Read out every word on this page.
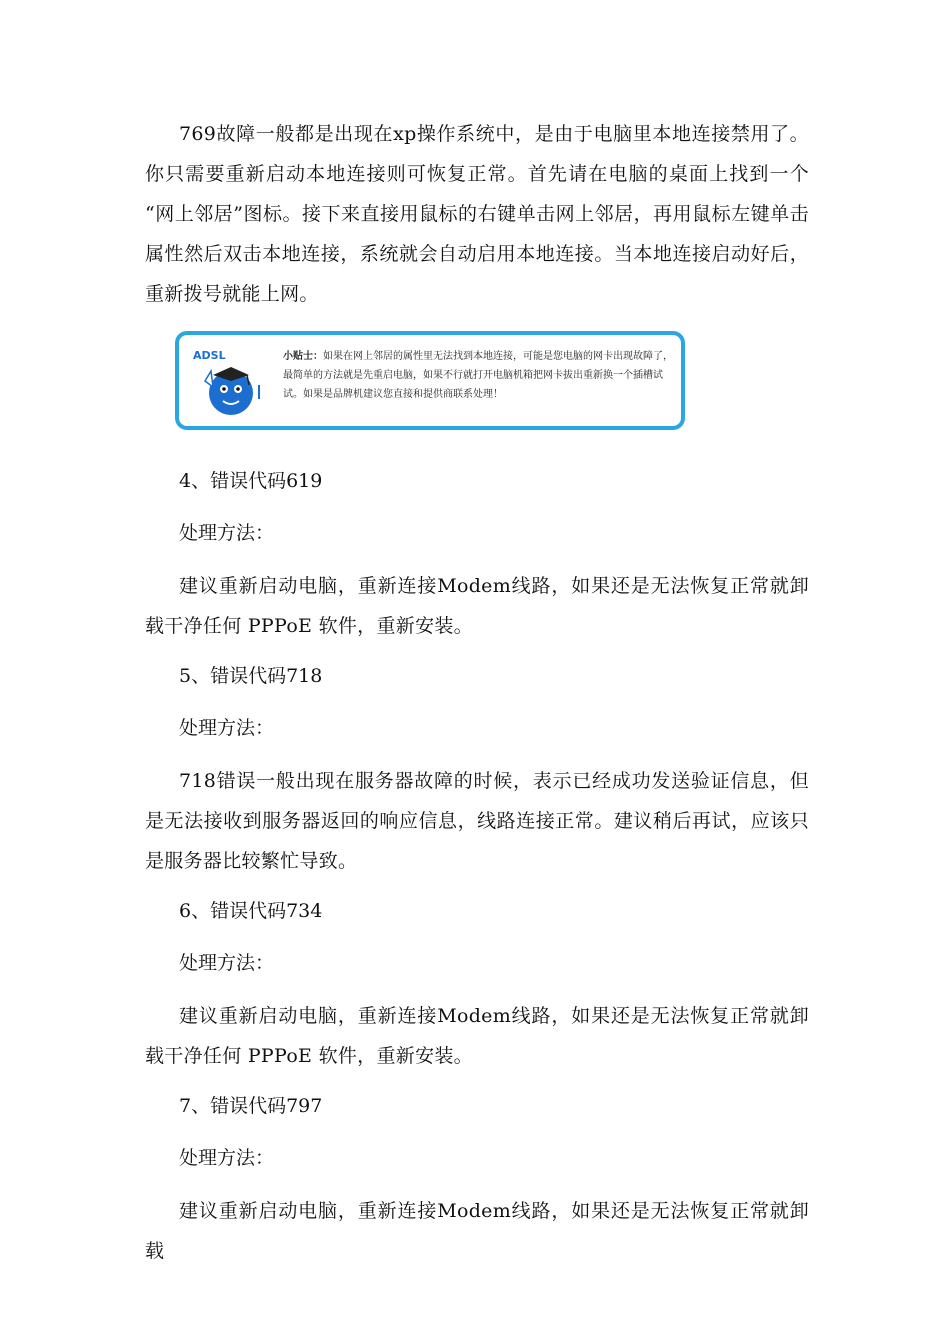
769故障一般都是出现在xp操作系统中，是由于电脑里本地连接禁用了。你只需要重新启动本地连接则可恢复正常。首先请在电脑的桌面上找到一个 “网上邻居”图标。接下来直接用鼠标的右键单击网上邻居，再用鼠标左键单击属性然后双击本地连接，系统就会自动启用本地连接。当本地连接启动好后，重新拨号就能上网。

ADSL	小贴士：如果在网上邻居的属性里无法找到本地连接，可能是您电脑的网卡出现故障了，最简单的方法就是先重启电脑，如果不行就打开电脑机箱把网卡拔出重新换一个插槽试试。如果是品牌机建议您直接和提供商联系处理！

4、错误代码619

处理方法：

建议重新启动电脑，重新连接Modem线路，如果还是无法恢复正常就卸载干净任何 PPPoE 软件，重新安装。

5、错误代码718

处理方法：

718错误一般出现在服务器故障的时候，表示已经成功发送验证信息，但是无法接收到服务器返回的响应信息，线路连接正常。建议稍后再试，应该只是服务器比较繁忙导致。

6、错误代码734

处理方法：

建议重新启动电脑，重新连接Modem线路，如果还是无法恢复正常就卸载干净任何 PPPoE 软件，重新安装。

7、错误代码797

处理方法：

建议重新启动电脑，重新连接Modem线路，如果还是无法恢复正常就卸载
